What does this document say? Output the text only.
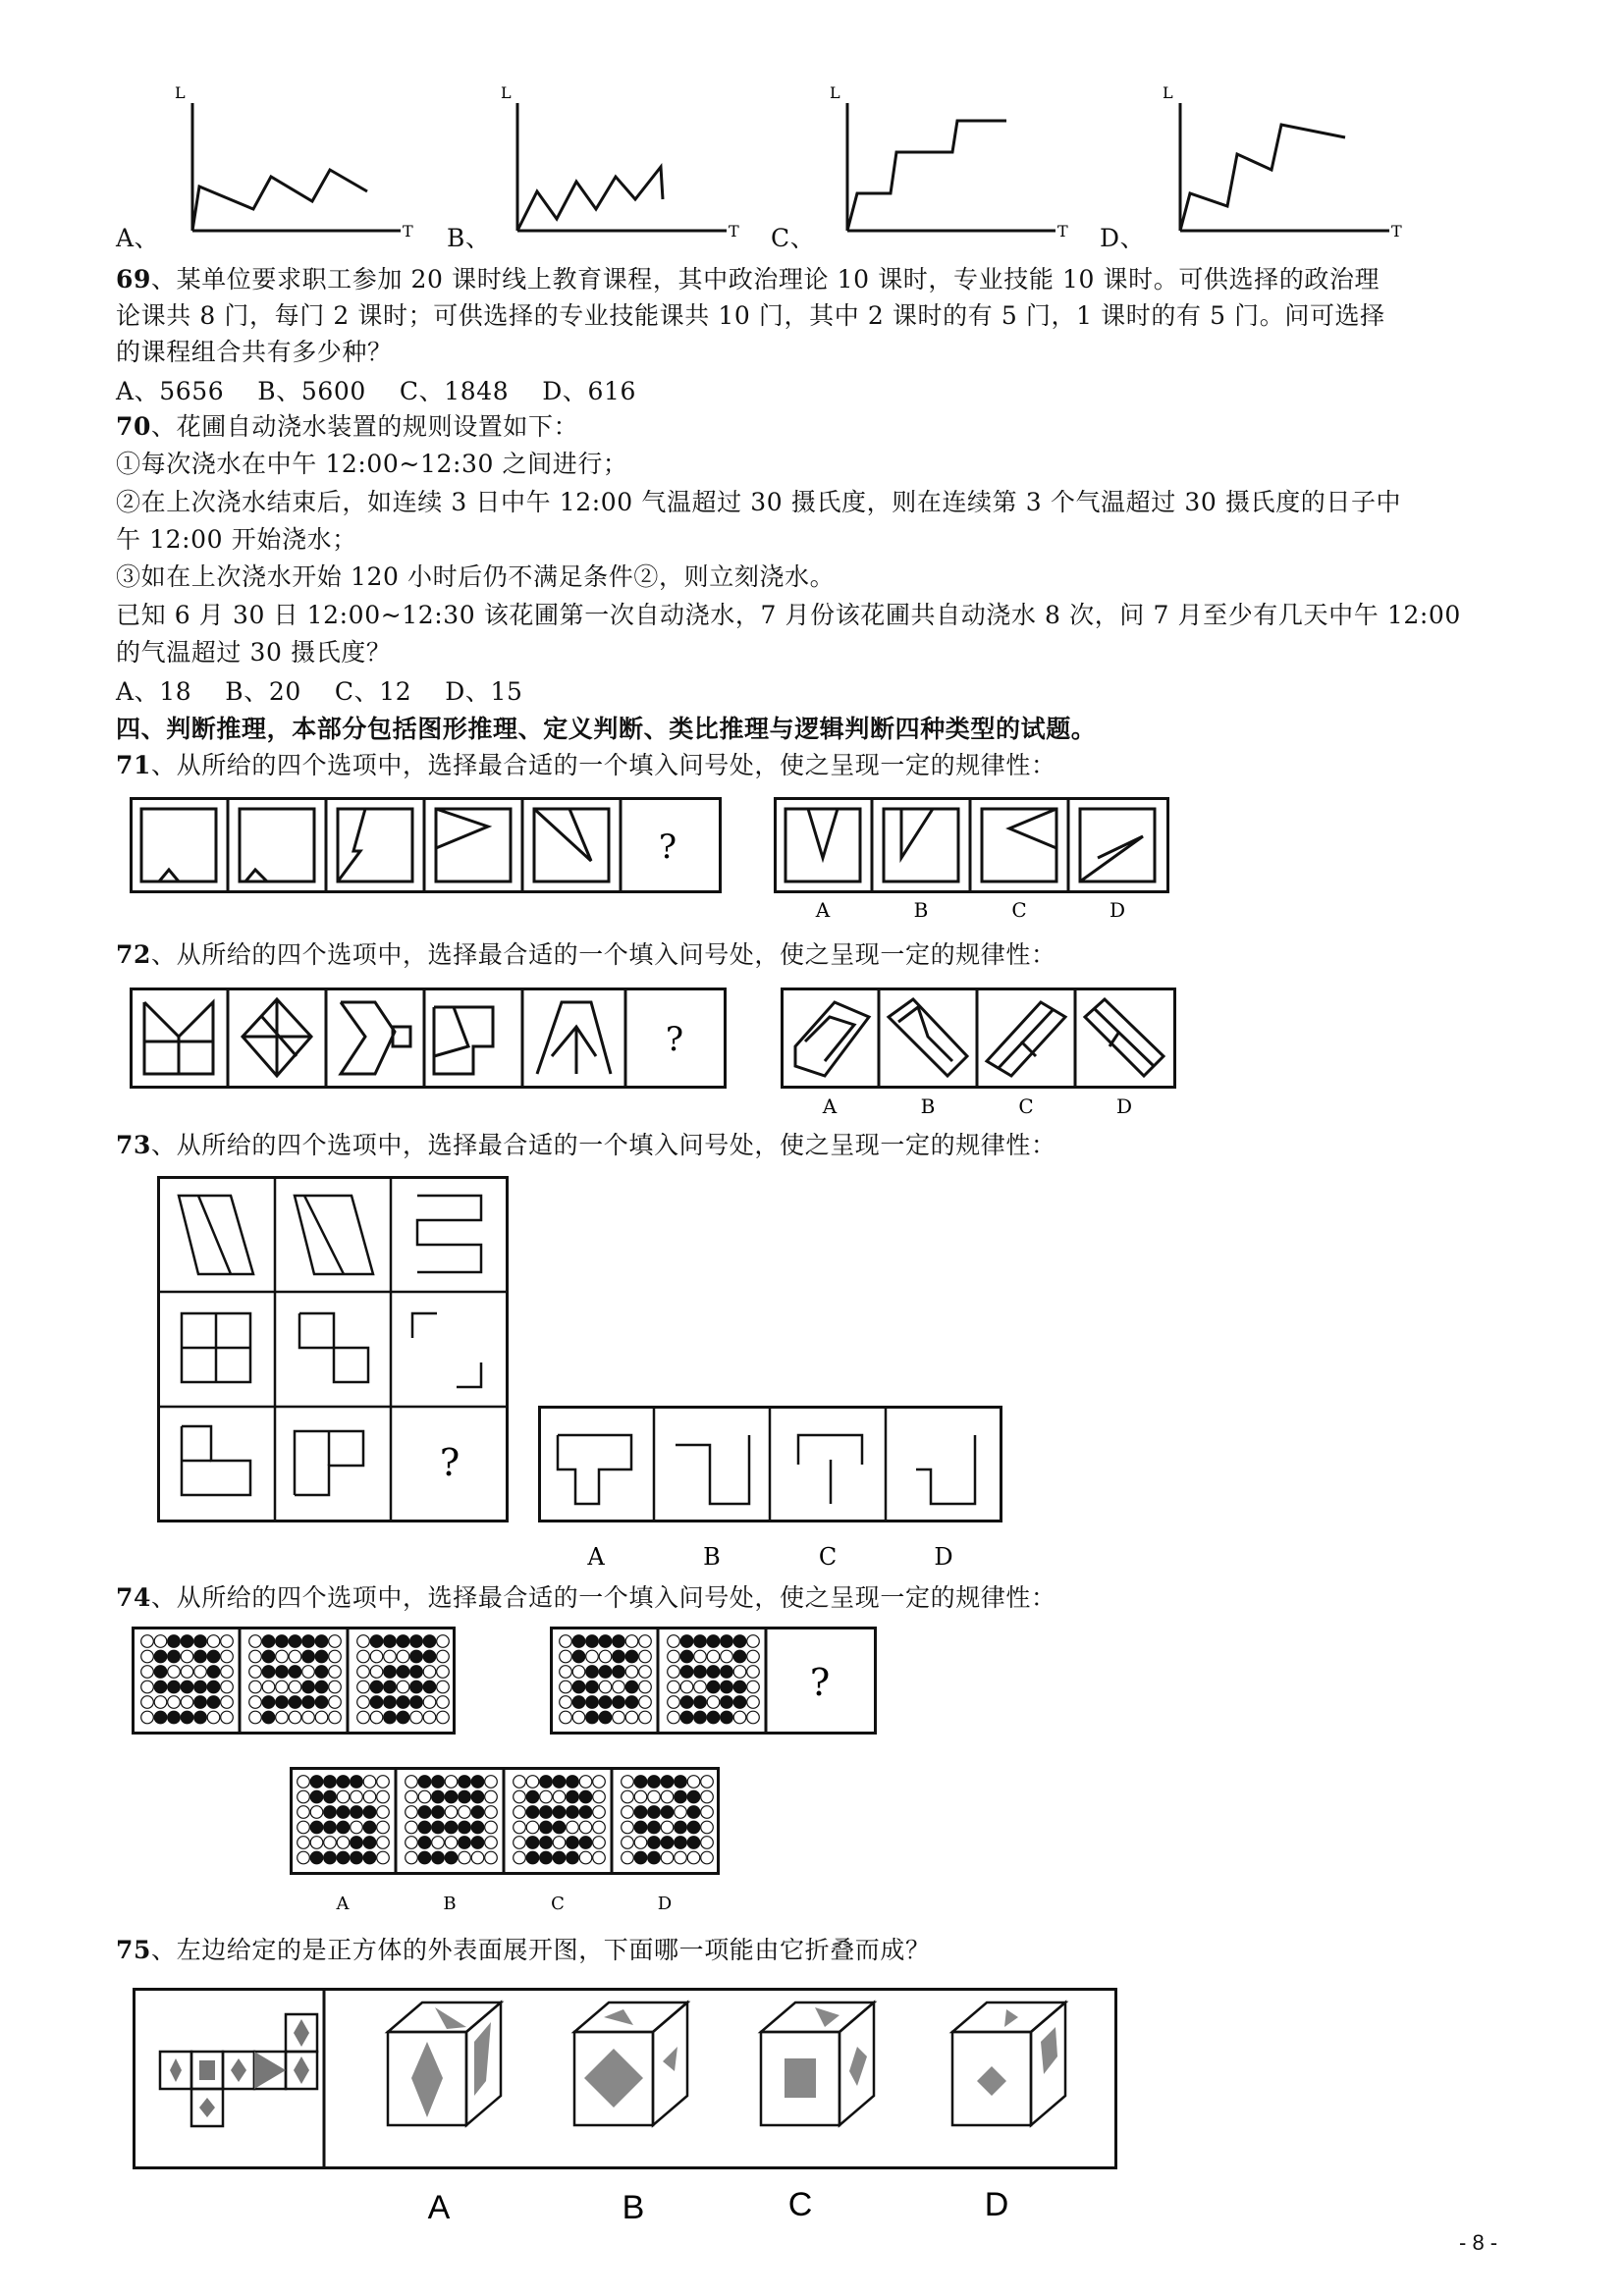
L
T
A、
L
T
B、
L
T
C、
L
T
D、
69、某单位要求职工参加 20 课时线上教育课程，其中政治理论 10 课时，专业技能 10 课时。可供选择的政治理
论课共 8 门，每门 2 课时；可供选择的专业技能课共 10 门，其中 2 课时的有 5 门，1 课时的有 5 门。问可选择
的课程组合共有多少种？
A、5656 B、5600 C、1848 D、616
70、花圃自动浇水装置的规则设置如下：
①每次浇水在中午 12:00~12:30 之间进行；
②在上次浇水结束后，如连续 3 日中午 12:00 气温超过 30 摄氏度，则在连续第 3 个气温超过 30 摄氏度的日子中
午 12:00 开始浇水；
③如在上次浇水开始 120 小时后仍不满足条件②，则立刻浇水。
已知 6 月 30 日 12:00~12:30 该花圃第一次自动浇水，7 月份该花圃共自动浇水 8 次，问 7 月至少有几天中午 12:00
的气温超过 30 摄氏度？
A、18 B、20 C、12 D、15
四、判断推理，本部分包括图形推理、定义判断、类比推理与逻辑判断四种类型的试题。
71、从所给的四个选项中，选择最合适的一个填入问号处，使之呈现一定的规律性：
?
A	B	C	D
72、从所给的四个选项中，选择最合适的一个填入问号处，使之呈现一定的规律性：
?
A	B	C	D
73、从所给的四个选项中，选择最合适的一个填入问号处，使之呈现一定的规律性：
?
A	B	C	D
74、从所给的四个选项中，选择最合适的一个填入问号处，使之呈现一定的规律性：
?
A	B	C	D
75、左边给定的是正方体的外表面展开图，下面哪一项能由它折叠而成？
A	B	C	D
- 8 -
